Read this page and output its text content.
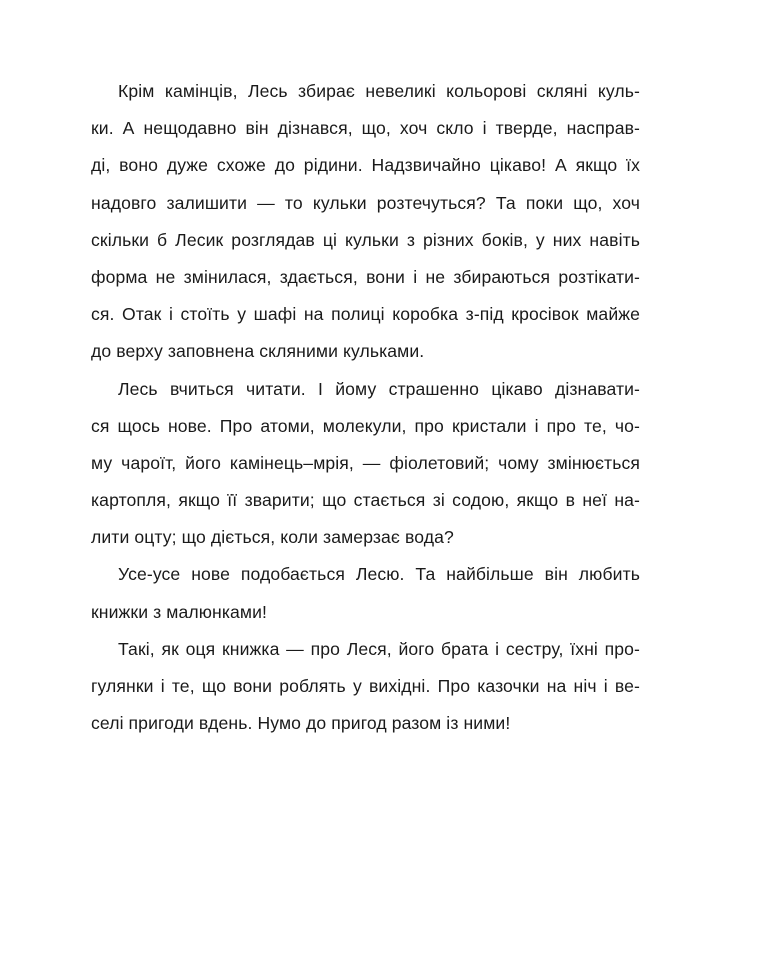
Крім камінців, Лесь збирає невеликі кольорові скляні куль-
ки. А нещодавно він дізнався, що, хоч скло і тверде, насправ-
ді, воно дуже схоже до рідини. Надзвичайно цікаво! А якщо їх
надовго залишити — то кульки розтечуться? Та поки що, хоч
скільки б Лесик розглядав ці кульки з різних боків, у них навіть
форма не змінилася, здається, вони і не збираються розтікати-
ся. Отак і стоїть у шафі на полиці коробка з-під кросівок майже
до верху заповнена скляними кульками.
Лесь вчиться читати. І йому страшенно цікаво дізнавати-
ся щось нове. Про атоми, молекули, про кристали і про те, чо-
му чароїт, його камінець–мрія, — фіолетовий; чому змінюється
картопля, якщо її зварити; що стається зі содою, якщо в неї на-
лити оцту; що діється, коли замерзає вода?
Усе-усе нове подобається Лесю. Та найбільше він любить
книжки з малюнками!
Такі, як оця книжка — про Леся, його брата і сестру, їхні про-
гулянки і те, що вони роблять у вихідні. Про казочки на ніч і ве-
селі пригоди вдень. Нумо до пригод разом із ними!
